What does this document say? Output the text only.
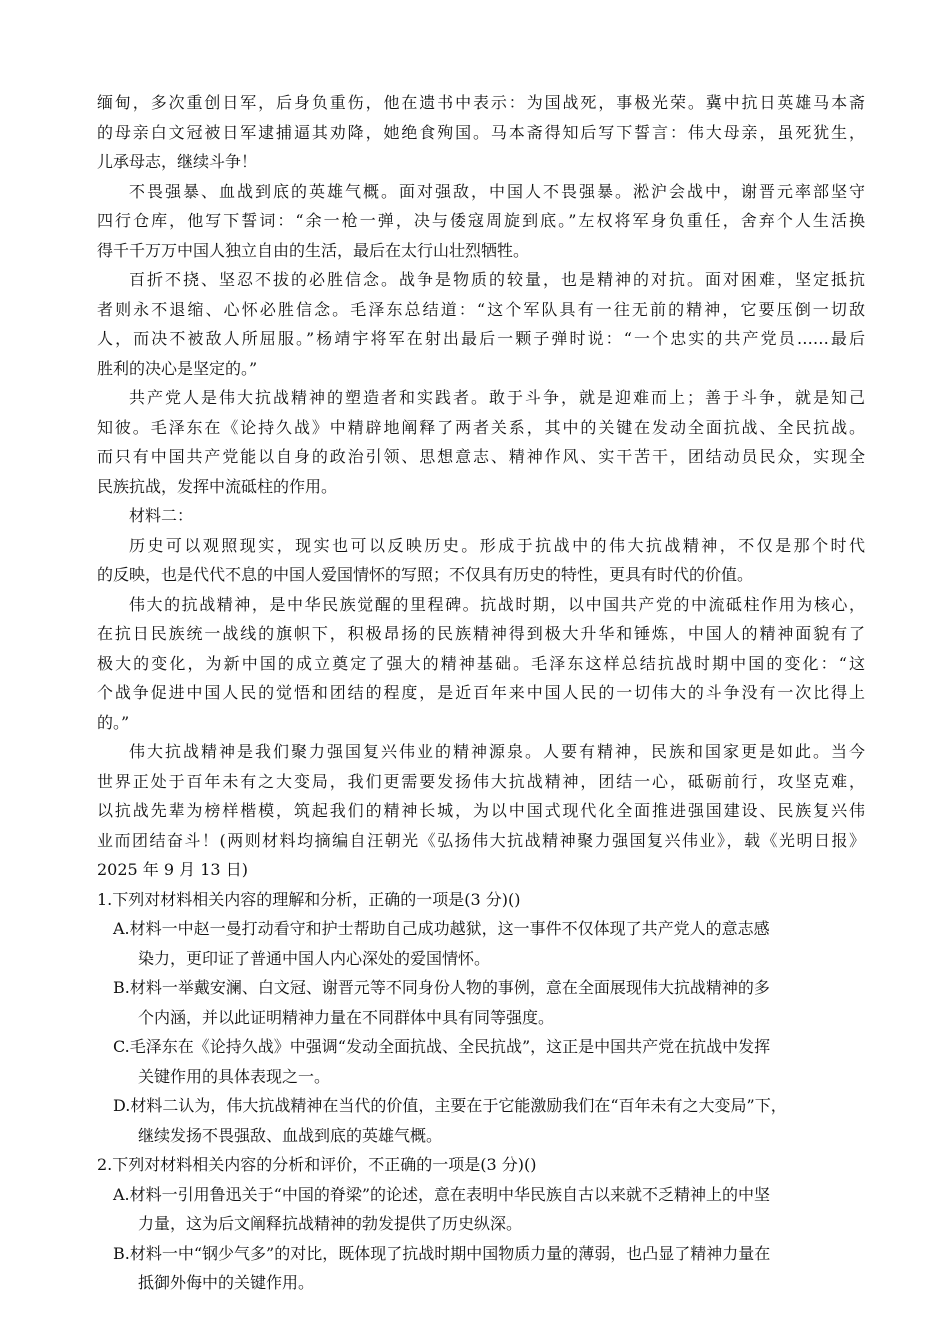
缅甸，多次重创日军，后身负重伤，他在遗书中表示：为国战死，事极光荣。冀中抗日英雄马本斋
的母亲白文冠被日军逮捕逼其劝降，她绝食殉国。马本斋得知后写下誓言：伟大母亲，虽死犹生，
儿承母志，继续斗争！
不畏强暴、血战到底的英雄气概。面对强敌，中国人不畏强暴。淞沪会战中，谢晋元率部坚守
四行仓库，他写下誓词：“余一枪一弹，决与倭寇周旋到底。”左权将军身负重任，舍弃个人生活换
得千千万万中国人独立自由的生活，最后在太行山壮烈牺牲。
百折不挠、坚忍不拔的必胜信念。战争是物质的较量，也是精神的对抗。面对困难，坚定抵抗
者则永不退缩、心怀必胜信念。毛泽东总结道：“这个军队具有一往无前的精神，它要压倒一切敌
人，而决不被敌人所屈服。”杨靖宇将军在射出最后一颗子弹时说：“一个忠实的共产党员……最后
胜利的决心是坚定的。”
共产党人是伟大抗战精神的塑造者和实践者。敢于斗争，就是迎难而上；善于斗争，就是知己
知彼。毛泽东在《论持久战》中精辟地阐释了两者关系，其中的关键在发动全面抗战、全民抗战。
而只有中国共产党能以自身的政治引领、思想意志、精神作风、实干苦干，团结动员民众，实现全
民族抗战，发挥中流砥柱的作用。
材料二：
历史可以观照现实，现实也可以反映历史。形成于抗战中的伟大抗战精神，不仅是那个时代
的反映，也是代代不息的中国人爱国情怀的写照；不仅具有历史的特性，更具有时代的价值。
伟大的抗战精神，是中华民族觉醒的里程碑。抗战时期，以中国共产党的中流砥柱作用为核心，
在抗日民族统一战线的旗帜下，积极昂扬的民族精神得到极大升华和锤炼，中国人的精神面貌有了
极大的变化，为新中国的成立奠定了强大的精神基础。毛泽东这样总结抗战时期中国的变化：“这
个战争促进中国人民的觉悟和团结的程度，是近百年来中国人民的一切伟大的斗争没有一次比得上
的。”
伟大抗战精神是我们聚力强国复兴伟业的精神源泉。人要有精神，民族和国家更是如此。当今
世界正处于百年未有之大变局，我们更需要发扬伟大抗战精神，团结一心，砥砺前行，攻坚克难，
以抗战先辈为榜样楷模，筑起我们的精神长城，为以中国式现代化全面推进强国建设、民族复兴伟
业而团结奋斗！(两则材料均摘编自汪朝光《弘扬伟大抗战精神聚力强国复兴伟业》，载《光明日报》
2025 年 9 月 13 日)
1.下列对材料相关内容的理解和分析，正确的一项是(3 分)()
A.材料一中赵一曼打动看守和护士帮助自己成功越狱，这一事件不仅体现了共产党人的意志感
染力，更印证了普通中国人内心深处的爱国情怀。
B.材料一举戴安澜、白文冠、谢晋元等不同身份人物的事例，意在全面展现伟大抗战精神的多
个内涵，并以此证明精神力量在不同群体中具有同等强度。
C.毛泽东在《论持久战》中强调“发动全面抗战、全民抗战”，这正是中国共产党在抗战中发挥
关键作用的具体表现之一。
D.材料二认为，伟大抗战精神在当代的价值，主要在于它能激励我们在“百年未有之大变局”下，
继续发扬不畏强敌、血战到底的英雄气概。
2.下列对材料相关内容的分析和评价，不正确的一项是(3 分)()
A.材料一引用鲁迅关于“中国的脊梁”的论述，意在表明中华民族自古以来就不乏精神上的中坚
力量，这为后文阐释抗战精神的勃发提供了历史纵深。
B.材料一中“钢少气多”的对比，既体现了抗战时期中国物质力量的薄弱，也凸显了精神力量在
抵御外侮中的关键作用。
